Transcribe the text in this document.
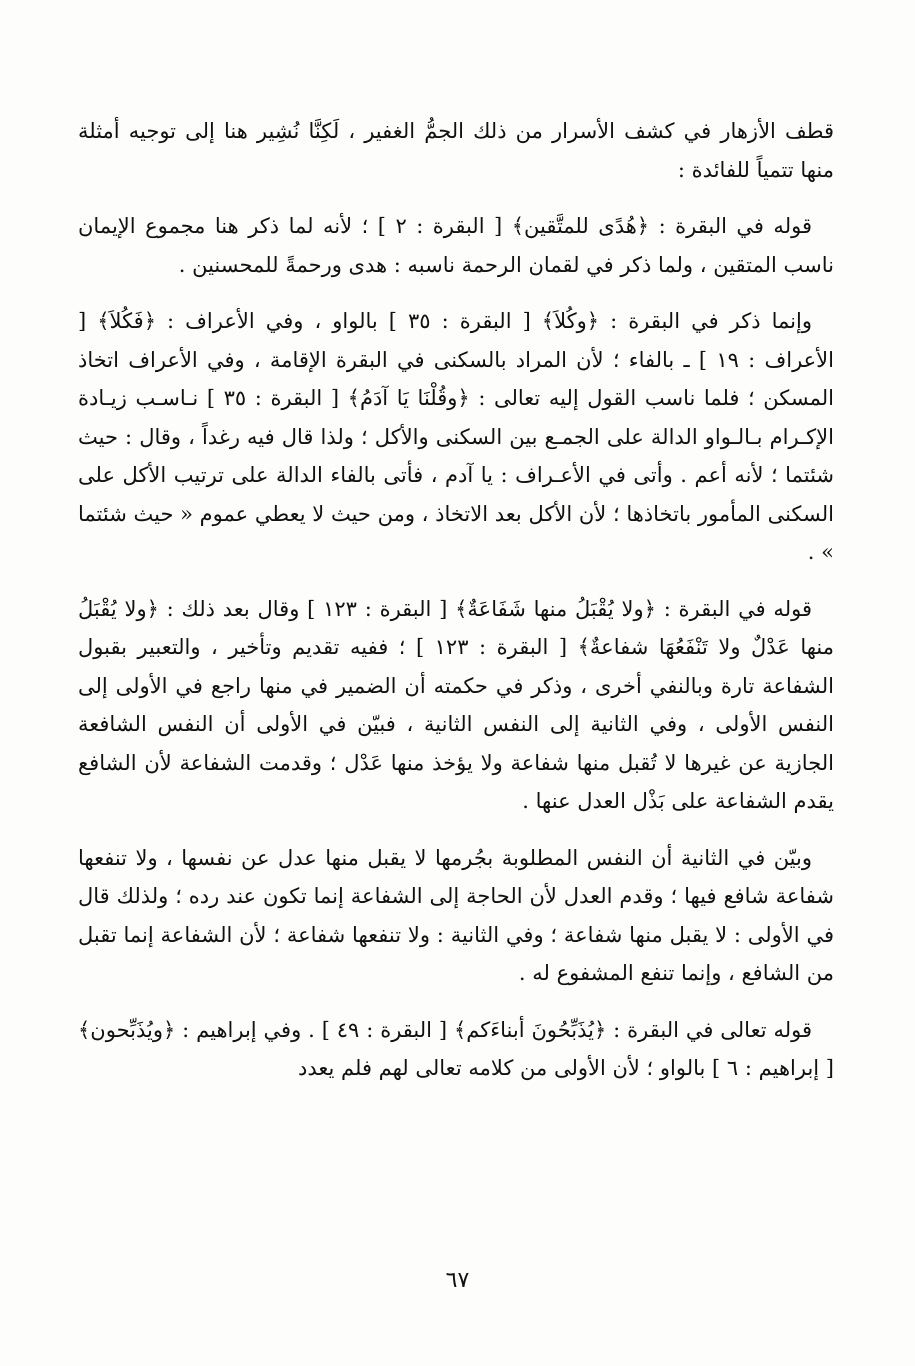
قطف الأزهار في كشف الأسرار من ذلك الجمُّ الغفير ، لَكِنَّا نُشِير هنا إلى توجيه أمثلة منها تتمياً للفائدة :

قوله في البقرة : ﴿هُدًى للمتَّقين﴾ [ البقرة : ٢ ] ؛ لأنه لما ذكر هنا مجموع الإيمان ناسب المتقين ، ولما ذكر في لقمان الرحمة ناسبه : هدى ورحمةً للمحسنين .

وإنما ذكر في البقرة : ﴿وكُلاَ﴾ [ البقرة : ٣٥ ] بالواو ، وفي الأعراف : ﴿فَكُلاَ﴾ [ الأعراف : ١٩ ] ـ بالفاء ؛ لأن المراد بالسكنى في البقرة الإقامة ، وفي الأعراف اتخاذ المسكن ؛ فلما ناسب القول إليه تعالى : ﴿وقُلْنَا يَا آدَمُ﴾ [ البقرة : ٣٥ ] نـاسـب زيـادة الإكـرام بـالـواو الدالة على الجمـع بين السكنى والأكل ؛ ولذا قال فيه رغداً ، وقال : حيث شئتما ؛ لأنه أعم . وأتى في الأعـراف : يا آدم ، فأتى بالفاء الدالة على ترتيب الأكل على السكنى المأمور باتخاذها ؛ لأن الأكل بعد الاتخاذ ، ومن حيث لا يعطي عموم « حيث شئتما » .

قوله في البقرة : ﴿ولا يُقْبَلُ منها شَفَاعَةٌ﴾ [ البقرة : ١٢٣ ] وقال بعد ذلك : ﴿ولا يُقْبَلُ منها عَدْلٌ ولا تَنْفَعُهَا شفاعةٌ﴾ [ البقرة : ١٢٣ ] ؛ ففيه تقديم وتأخير ، والتعبير بقبول الشفاعة تارة وبالنفي أخرى ، وذكر في حكمته أن الضمير في منها راجع في الأولى إلى النفس الأولى ، وفي الثانية إلى النفس الثانية ، فبيّن في الأولى أن النفس الشافعة الجازية عن غيرها لا تُقبل منها شفاعة ولا يؤخذ منها عَدْل ؛ وقدمت الشفاعة لأن الشافع يقدم الشفاعة على بَذْل العدل عنها .

وبيّن في الثانية أن النفس المطلوبة بجُرمها لا يقبل منها عدل عن نفسها ، ولا تنفعها شفاعة شافع فيها ؛ وقدم العدل لأن الحاجة إلى الشفاعة إنما تكون عند رده ؛ ولذلك قال في الأولى : لا يقبل منها شفاعة ؛ وفي الثانية : ولا تنفعها شفاعة ؛ لأن الشفاعة إنما تقبل من الشافع ، وإنما تنفع المشفوع له .

قوله تعالى في البقرة : ﴿يُذَبِّحُونَ أبناءَكم﴾ [ البقرة : ٤٩ ] . وفي إبراهيم : ﴿ويُذَبِّحون﴾ [ إبراهيم : ٦ ] بالواو ؛ لأن الأولى من كلامه تعالى لهم فلم يعدد

٦٧
